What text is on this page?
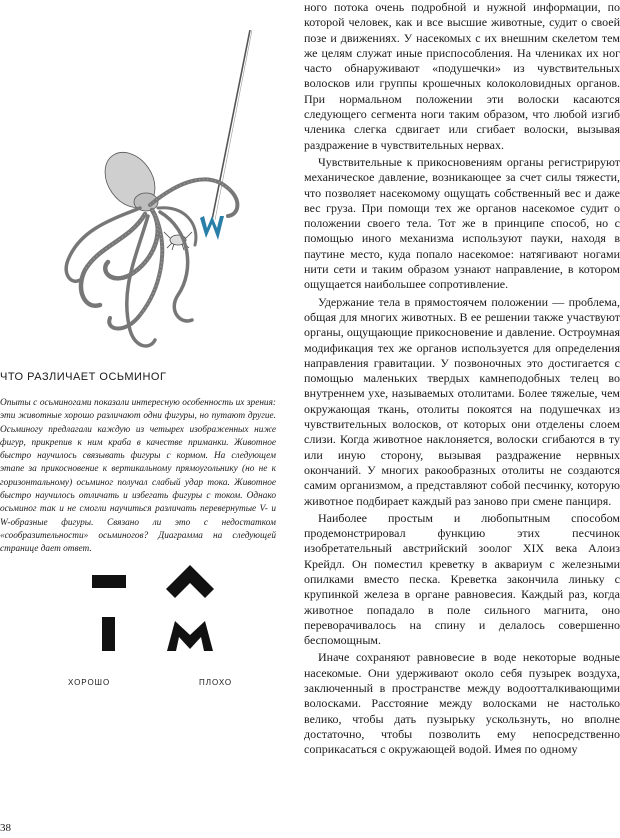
ЧТО РАЗЛИЧАЕТ ОСЬМИНОГ

Опыты с осьминогами показали интересную особенность их зрения: эти животные хорошо различают одни фигуры, но путают другие. Осьминогу предлагали каждую из четырех изображенных ниже фигур, прикрепив к ним краба в качестве приманки. Животное быстро научилось связывать фигуры с кормом. На следующем этапе за прикосновение к вертикальному прямоугольнику (но не к горизонтальному) осьминог получал слабый удар тока. Животное быстро научилось отличать и избегать фигуры с током. Однако осьминог так и не смогли научиться различать перевернутые V- и W-образные фигуры. Связано ли это с недостатком «сообразительности» осьминогов? Диаграмма на следующей странице дает ответ.

ХОРОШО	ПЛОХО
38

ного потока очень подробной и нужной информации, по которой человек, как и все высшие животные, судит о своей позе и движениях. У насекомых с их внешним скелетом тем же целям служат иные приспособления. На члениках их ног часто обнаруживают «подушечки» из чувствительных волосков или группы крошечных колоколовидных органов. При нормальном положении эти волоски касаются следующего сегмента ноги таким образом, что любой изгиб членика слегка сдвигает или сгибает волоски, вызывая раздражение в чувствительных нервах.

Чувствительные к прикосновениям органы регистрируют механическое давление, возникающее за счет силы тяжести, что позволяет насекомому ощущать собственный вес и даже вес груза. При помощи тех же органов насекомое судит о положении своего тела. Тот же в принципе способ, но с помощью иного механизма используют пауки, находя в паутине место, куда попало насекомое: натягивают ногами нити сети и таким образом узнают направление, в котором ощущается наибольшее сопротивление.

Удержание тела в прямостоячем положении — проблема, общая для многих животных. В ее решении также участвуют органы, ощущающие прикосновение и давление. Остроумная модификация тех же органов используется для определения направления гравитации. У позвоночных это достигается с помощью маленьких твердых камнеподобных телец во внутреннем ухе, называемых отолитами. Более тяжелые, чем окружающая ткань, отолиты покоятся на подушечках из чувствительных волосков, от которых они отделены слоем слизи. Когда животное наклоняется, волоски сгибаются в ту или иную сторону, вызывая раздражение нервных окончаний. У многих ракообразных отолиты не создаются самим организмом, а представляют собой песчинку, которую животное подбирает каждый раз заново при смене панциря.

Наиболее простым и любопытным способом продемонстрировал функцию этих песчинок изобретательный австрийский зоолог XIX века Алоиз Крейдл. Он поместил креветку в аквариум с железными опилками вместо песка. Креветка закончила линьку с крупинкой железа в органе равновесия. Каждый раз, когда животное попадало в поле сильного магнита, оно переворачивалось на спину и делалось совершенно беспомощным.

Иначе сохраняют равновесие в воде некоторые водные насекомые. Они удерживают около себя пузырек воздуха, заключенный в пространстве между водоотталкивающими волосками. Расстояние между волосками не настолько велико, чтобы дать пузырьку ускользнуть, но вполне достаточно, чтобы позволить ему непосредственно соприкасаться с окружающей водой. Имея по одному
